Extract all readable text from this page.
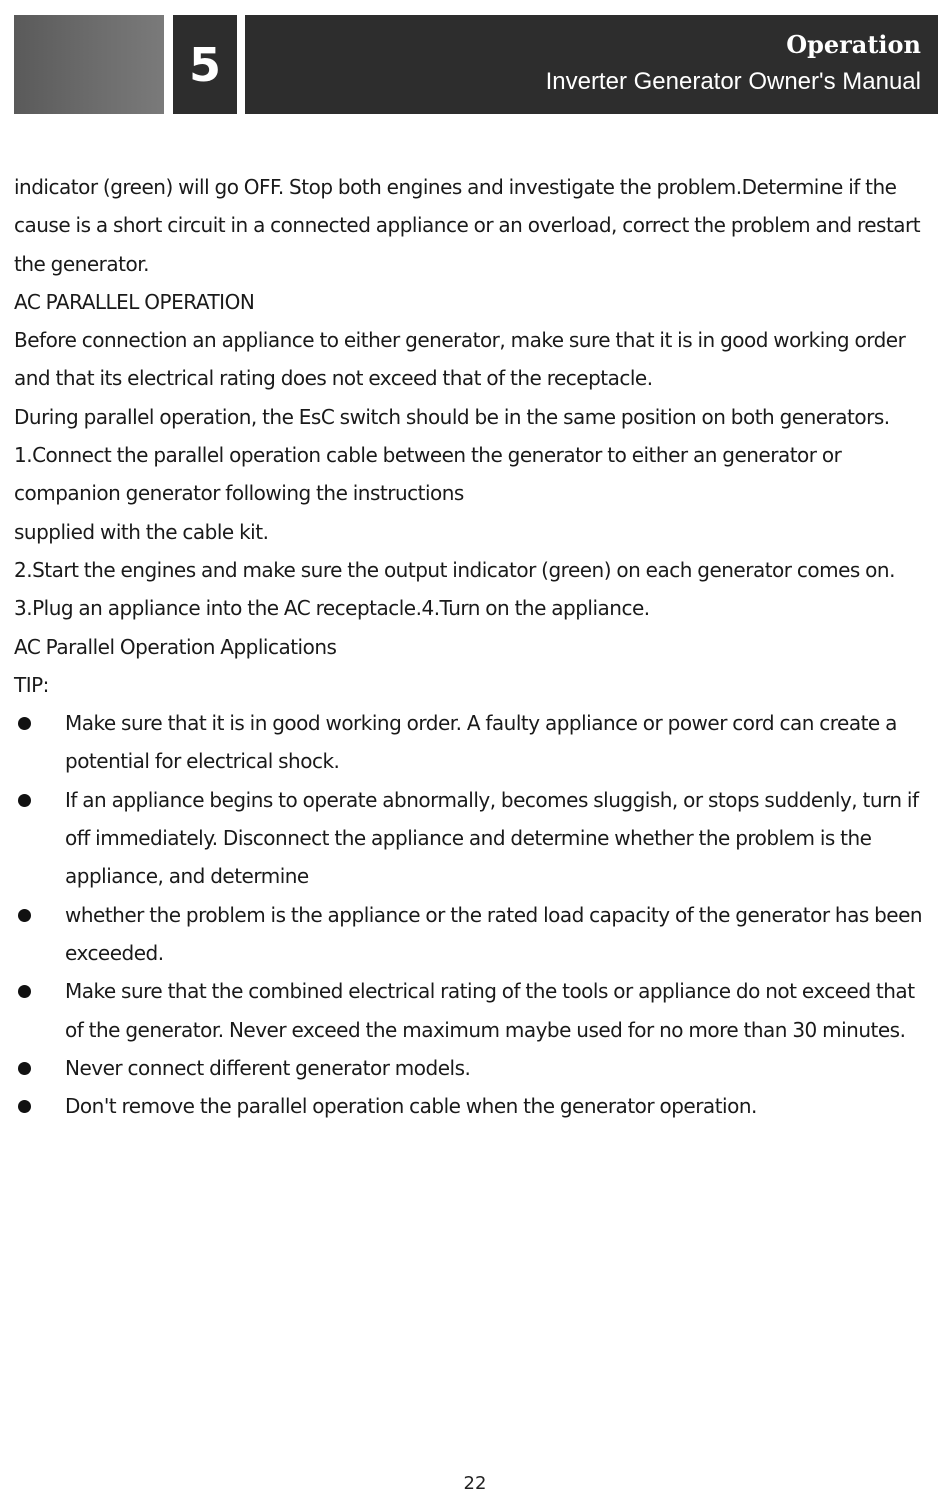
5	Operation
Inverter Generator Owner's Manual

indicator (green) will go OFF. Stop both engines and investigate the problem.Determine if the cause is a short circuit in a connected appliance or an overload, correct the problem and restart the generator.

AC PARALLEL OPERATION

Before connection an appliance to either generator, make sure that it is in good working order and that its electrical rating does not exceed that of the receptacle.

During parallel operation, the EsC switch should be in the same position on both generators.

1.Connect the parallel operation cable between the generator to either an generator or companion generator following the instructions

supplied with the cable kit.

2.Start the engines and make sure the output indicator (green) on each generator comes on.

3.Plug an appliance into the AC receptacle.4.Turn on the appliance.

AC Parallel Operation Applications

TIP:

Make sure that it is in good working order. A faulty appliance or power cord can create a potential for electrical shock.
If an appliance begins to operate abnormally, becomes sluggish, or stops suddenly, turn if off immediately. Disconnect the appliance and determine whether the problem is the appliance, and determine
whether the problem is the appliance or the rated load capacity of the generator has been exceeded.
Make sure that the combined electrical rating of the tools or appliance do not exceed that of the generator. Never exceed the maximum maybe used for no more than 30 minutes.
Never connect different generator models.
Don't remove the parallel operation cable when the generator operation.
22
